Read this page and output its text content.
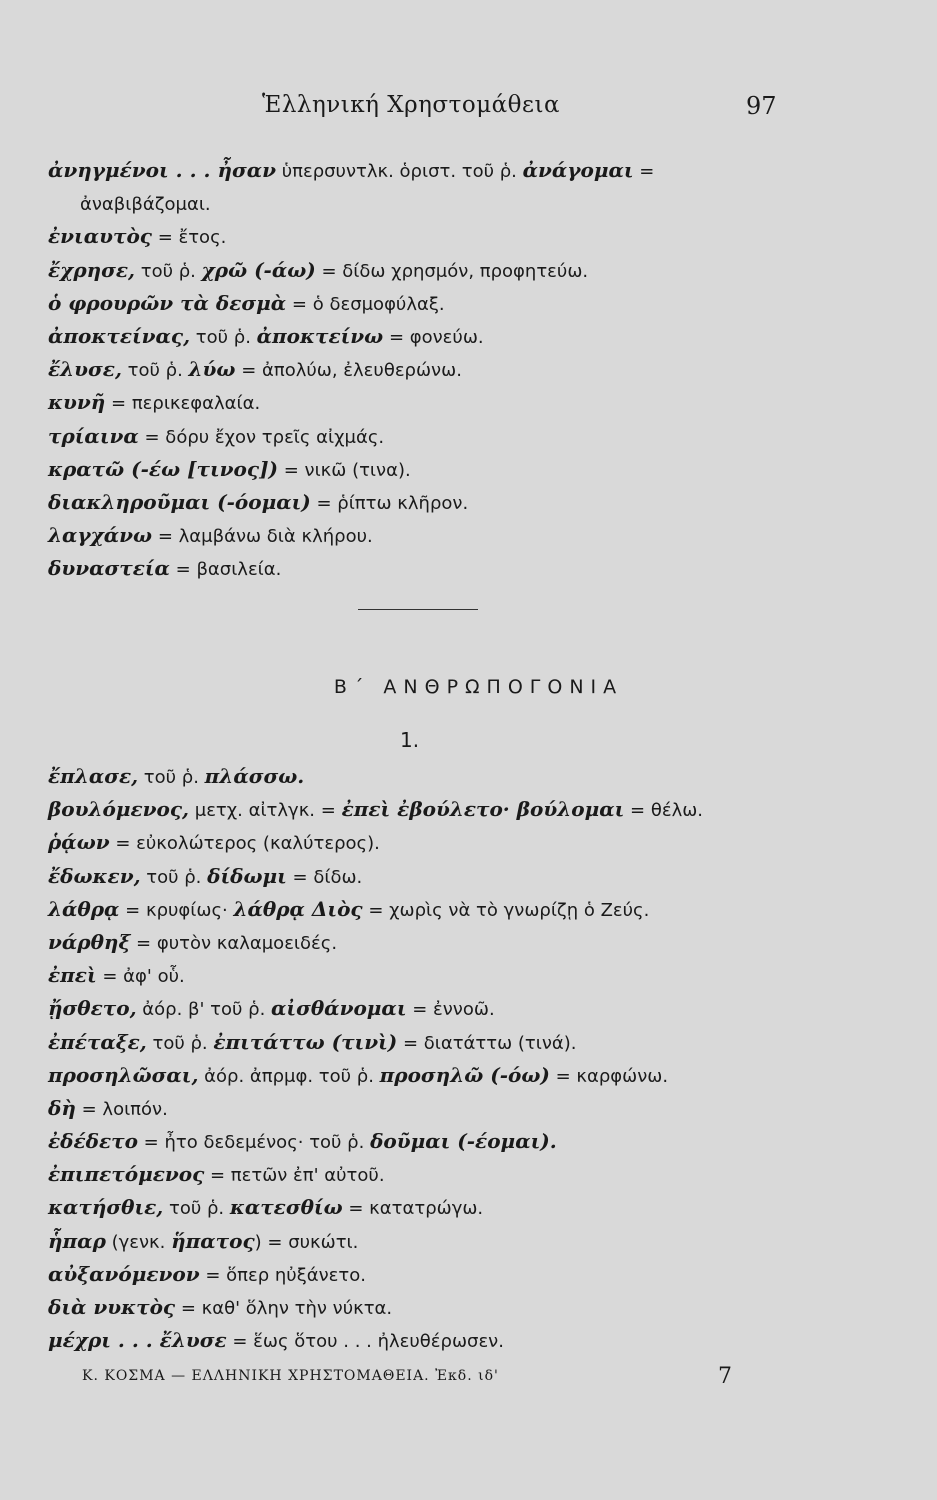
Ἑλληνική Χρηστομάθεια	97
ἀνηγμένοι . . . ἦσαν ὑπερσυντλκ. ὁριστ. τοῦ ῥ. ἀνάγομαι =
ἀναβιβάζομαι.
ἐνιαυτὸς = ἔτος.
ἔχρησε, τοῦ ῥ. χρῶ (-άω) = δίδω χρησμόν, προφητεύω.
ὁ φρουρῶν τὰ δεσμὰ = ὁ δεσμοφύλαξ.
ἀποκτείνας, τοῦ ῥ. ἀποκτείνω = φονεύω.
ἔλυσε, τοῦ ῥ. λύω = ἀπολύω, ἐλευθερώνω.
κυνῆ = περικεφαλαία.
τρίαινα = δόρυ ἔχον τρεῖς αἰχμάς.
κρατῶ (-έω [τινος]) = νικῶ (τινα).
διακληροῦμαι (-όομαι) = ῥίπτω κλῆρον.
λαγχάνω = λαμβάνω διὰ κλήρου.
δυναστεία = βασιλεία.
Β΄ ΑΝΘΡΩΠΟΓΟΝΙΑ
1.
ἔπλασε, τοῦ ῥ. πλάσσω.
βουλόμενος, μετχ. αἰτλγκ. = ἐπεὶ ἐβούλετο· βούλομαι = θέλω.
ῥᾴων = εὐκολώτερος (καλύτερος).
ἔδωκεν, τοῦ ῥ. δίδωμι = δίδω.
λάθρᾳ = κρυφίως· λάθρᾳ Διὸς = χωρὶς νὰ τὸ γνωρίζῃ ὁ Ζεύς.
νάρθηξ = φυτὸν καλαμοειδές.
ἐπεὶ = ἀφ' οὗ.
ᾔσθετο, ἀόρ. β' τοῦ ῥ. αἰσθάνομαι = ἐννοῶ.
ἐπέταξε, τοῦ ῥ. ἐπιτάττω (τινὶ) = διατάττω (τινά).
προσηλῶσαι, ἀόρ. ἀπρμφ. τοῦ ῥ. προσηλῶ (-όω) = καρφώνω.
δὴ = λοιπόν.
ἐδέδετο = ἦτο δεδεμένος· τοῦ ῥ. δοῦμαι (-έομαι).
ἐπιπετόμενος = πετῶν ἐπ' αὐτοῦ.
κατήσθιε, τοῦ ῥ. κατεσθίω = κατατρώγω.
ἧπαρ (γενκ. ἥπατος) = συκώτι.
αὐξανόμενον = ὅπερ ηὐξάνετο.
διὰ νυκτὸς = καθ' ὅλην τὴν νύκτα.
μέχρι . . . ἔλυσε = ἕως ὅτου . . . ἠλευθέρωσεν.
Κ. ΚΟΣΜΑ — ΕΛΛΗΝΙΚΗ ΧΡΗΣΤΟΜΑΘΕΙΑ. Ἐκδ. ιδ'	7
